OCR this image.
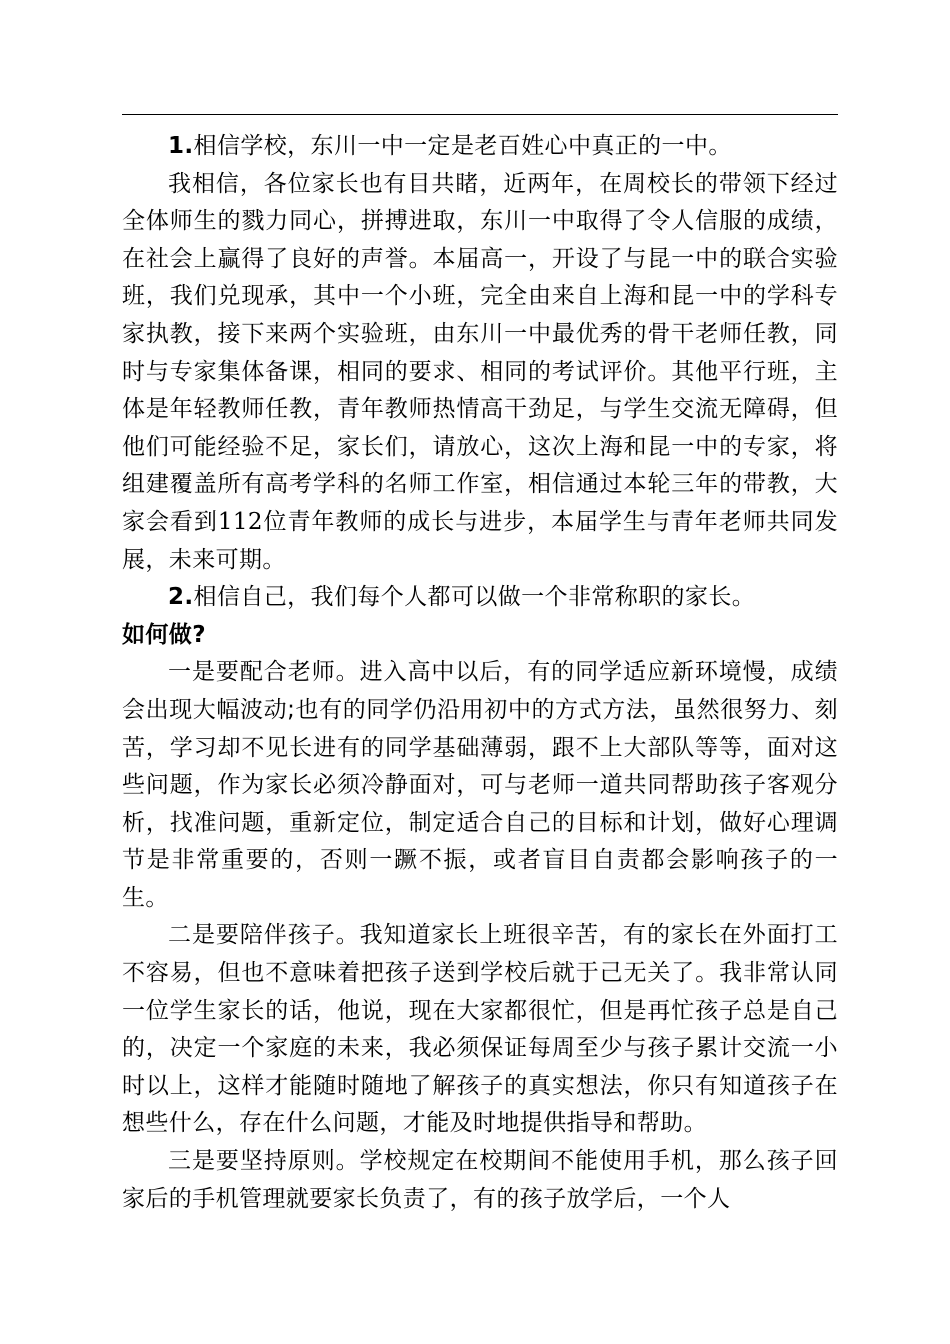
1.相信学校，东川一中一定是老百姓心中真正的一中。

我相信，各位家长也有目共睹，近两年，在周校长的带领下经过全体师生的戮力同心，拼搏进取，东川一中取得了令人信服的成绩，在社会上赢得了良好的声誉。本届高一，开设了与昆一中的联合实验班，我们兑现承，其中一个小班，完全由来自上海和昆一中的学科专家执教，接下来两个实验班，由东川一中最优秀的骨干老师任教，同时与专家集体备课，相同的要求、相同的考试评价。其他平行班，主体是年轻教师任教，青年教师热情高干劲足，与学生交流无障碍，但他们可能经验不足，家长们，请放心，这次上海和昆一中的专家，将组建覆盖所有高考学科的名师工作室，相信通过本轮三年的带教，大家会看到112位青年教师的成长与进步，本届学生与青年老师共同发展，未来可期。

2.相信自己，我们每个人都可以做一个非常称职的家长。
如何做?

一是要配合老师。进入高中以后，有的同学适应新环境慢，成绩会出现大幅波动;也有的同学仍沿用初中的方式方法，虽然很努力、刻苦，学习却不见长进有的同学基础薄弱，跟不上大部队等等，面对这些问题，作为家长必须冷静面对，可与老师一道共同帮助孩子客观分析，找准问题，重新定位，制定适合自己的目标和计划，做好心理调节是非常重要的，否则一蹶不振，或者盲目自责都会影响孩子的一生。

二是要陪伴孩子。我知道家长上班很辛苦，有的家长在外面打工不容易，但也不意味着把孩子送到学校后就于己无关了。我非常认同一位学生家长的话，他说，现在大家都很忙，但是再忙孩子总是自己的，决定一个家庭的未来，我必须保证每周至少与孩子累计交流一小时以上，这样才能随时随地了解孩子的真实想法，你只有知道孩子在想些什么，存在什么问题，才能及时地提供指导和帮助。

三是要坚持原则。学校规定在校期间不能使用手机，那么孩子回家后的手机管理就要家长负责了，有的孩子放学后，一个人
